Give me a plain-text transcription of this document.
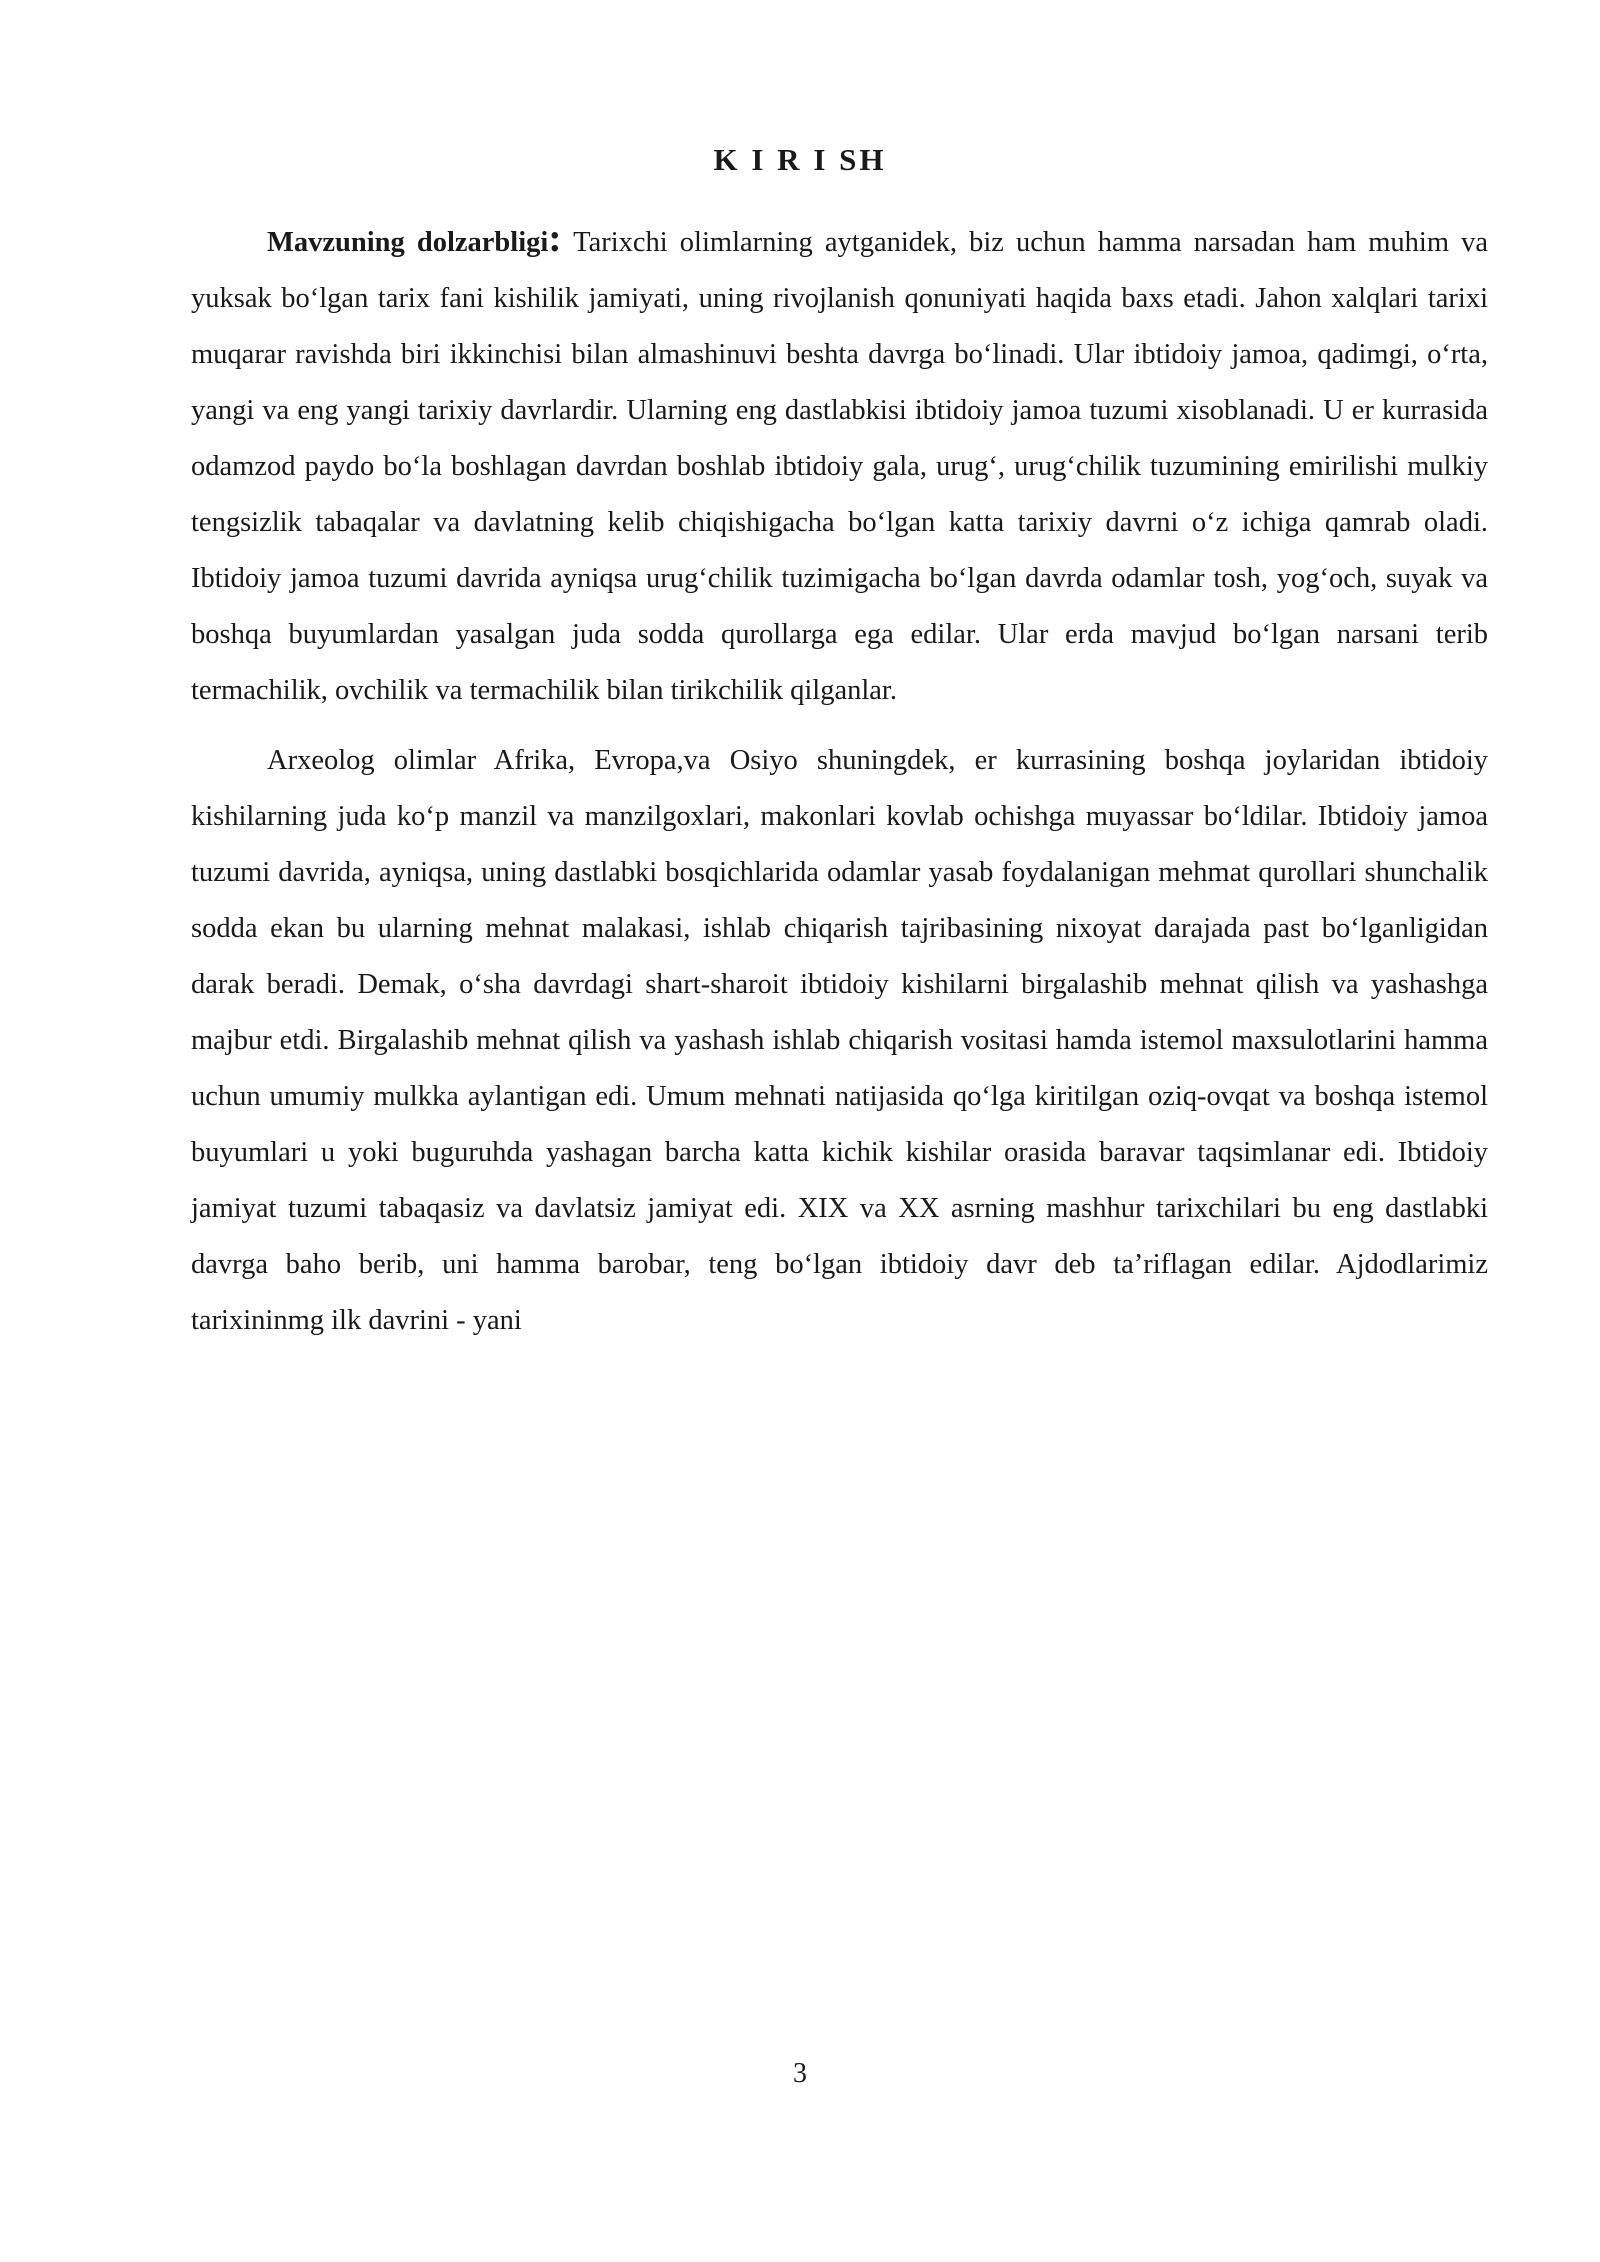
K I R I SH

Mavzuning dolzarbligi: Tarixchi olimlarning aytganidek, biz uchun hamma narsadan ham muhim va yuksak bo‘lgan tarix fani kishilik jamiyati, uning rivojlanish qonuniyati haqida baxs etadi. Jahon xalqlari tarixi muqarar ravishda biri ikkinchisi bilan almashinuvi beshta davrga bo‘linadi. Ular ibtidoiy jamoa, qadimgi, o‘rta, yangi va eng yangi tarixiy davrlardir. Ularning eng dastlabkisi ibtidoiy jamoa tuzumi xisoblanadi. U er kurrasida odamzod paydo bo‘la boshlagan davrdan boshlab ibtidoiy gala, urug‘, urug‘chilik tuzumining emirilishi mulkiy tengsizlik tabaqalar va davlatning kelib chiqishigacha bo‘lgan katta tarixiy davrni o‘z ichiga qamrab oladi. Ibtidoiy jamoa tuzumi davrida ayniqsa urug‘chilik tuzimigacha bo‘lgan davrda odamlar tosh, yog‘och, suyak va boshqa buyumlardan yasalgan juda sodda qurollarga ega edilar. Ular erda mavjud bo‘lgan narsani terib termachilik, ovchilik va termachilik bilan tirikchilik qilganlar.

Arxeolog olimlar Afrika, Evropa,va Osiyo shuningdek, er kurrasining boshqa joylaridan ibtidoiy kishilarning juda ko‘p manzil va manzilgoxlari, makonlari kovlab ochishga muyassar bo‘ldilar. Ibtidoiy jamoa tuzumi davrida, ayniqsa, uning dastlabki bosqichlarida odamlar yasab foydalanigan mehmat qurollari shunchalik sodda ekan bu ularning mehnat malakasi, ishlab chiqarish tajribasining nixoyat darajada past bo‘lganligidan darak beradi. Demak, o‘sha davrdagi shart-sharoit ibtidoiy kishilarni birgalashib mehnat qilish va yashashga majbur etdi. Birgalashib mehnat qilish va yashash ishlab chiqarish vositasi hamda istemol maxsulotlarini hamma uchun umumiy mulkka aylantigan edi. Umum mehnati natijasida qo‘lga kiritilgan oziq-ovqat va boshqa istemol buyumlari u yoki buguruhda yashagan barcha katta kichik kishilar orasida baravar taqsimlanar edi. Ibtidoiy jamiyat tuzumi tabaqasiz va davlatsiz jamiyat edi. XIX va XX asrning mashhur tarixchilari bu eng dastlabki davrga baho berib, uni hamma barobar, teng bo‘lgan ibtidoiy davr deb ta’riflagan edilar. Ajdodlarimiz tarixininmg ilk davrini - yani

3
